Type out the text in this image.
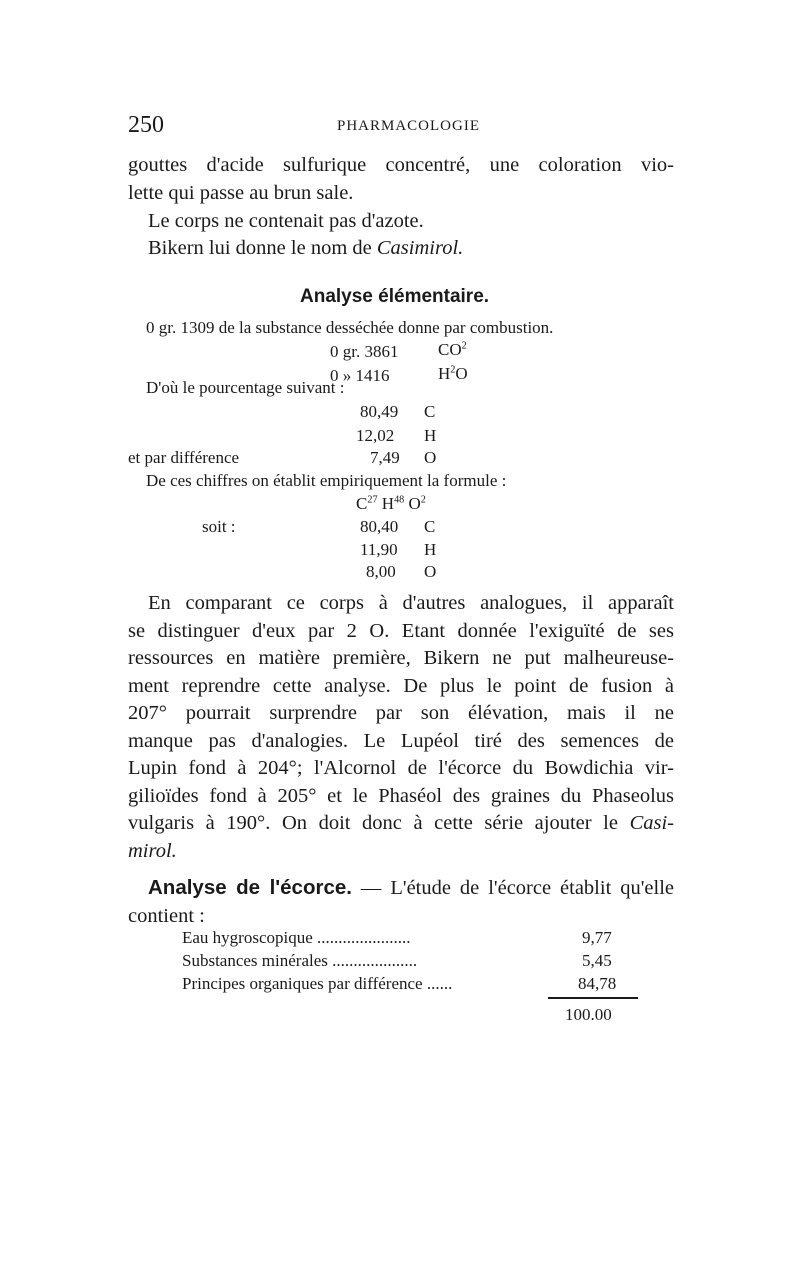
250	PHARMACOLOGIE

gouttes d'acide sulfurique concentré, une coloration vio-

lette qui passe au brun sale.

Le corps ne contenait pas d'azote.
Bikern lui donne le nom de Casimirol.
Analyse élémentaire.
0 gr. 1309 de la substance desséchée donne par combustion.
0 gr. 3861 $CO^2$
0 » 1416	$H^2O$
D'où le pourcentage suivant :
80,49 C
12,02 H
et par différence	7,49 O
De ces chiffres on établit empiriquement la formule :
$C^{27}$ $H^{48}$ $O^2$
soit :	80,40 C
11,90 H
8,00 O

En comparant ce corps à d'autres analogues, il apparaît

se distinguer d'eux par 2 O. Etant donnée l'exiguïté de ses

ressources en matière première, Bikern ne put malheureuse-

ment reprendre cette analyse. De plus le point de fusion à

207° pourrait surprendre par son élévation, mais il ne

manque pas d'analogies. Le Lupéol tiré des semences de

Lupin fond à 204°; l'Alcornol de l'écorce du Bowdichia vir-

gilioïdes fond à 205° et le Phaséol des graines du Phaseolus

vulgaris à 190°. On doit donc à cette série ajouter le Casi-

mirol.

Analyse de l'écorce. — L'étude de l'écorce établit qu'elle

contient :

Eau hygroscopique ......................	9,77
Substances minérales ....................	5,45
Principes organiques par différence ......	84,78
100.00
